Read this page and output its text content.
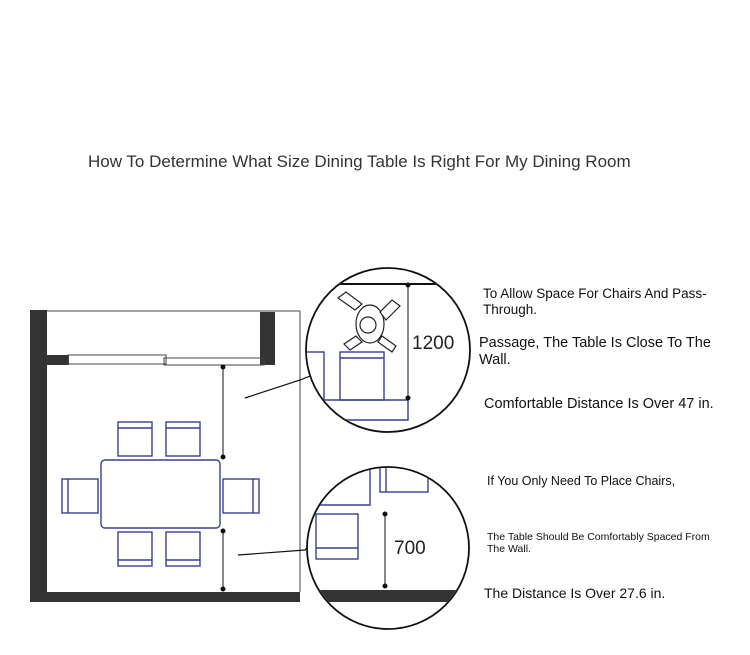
How To Determine What Size Dining Table Is Right For My Dining Room
1200
700
To Allow Space For Chairs And Pass-Through.
Passage, The Table Is Close To The Wall.
Comfortable Distance Is Over 47 in.
If You Only Need To Place Chairs,
The Table Should Be Comfortably Spaced From The Wall.
The Distance Is Over 27.6 in.
